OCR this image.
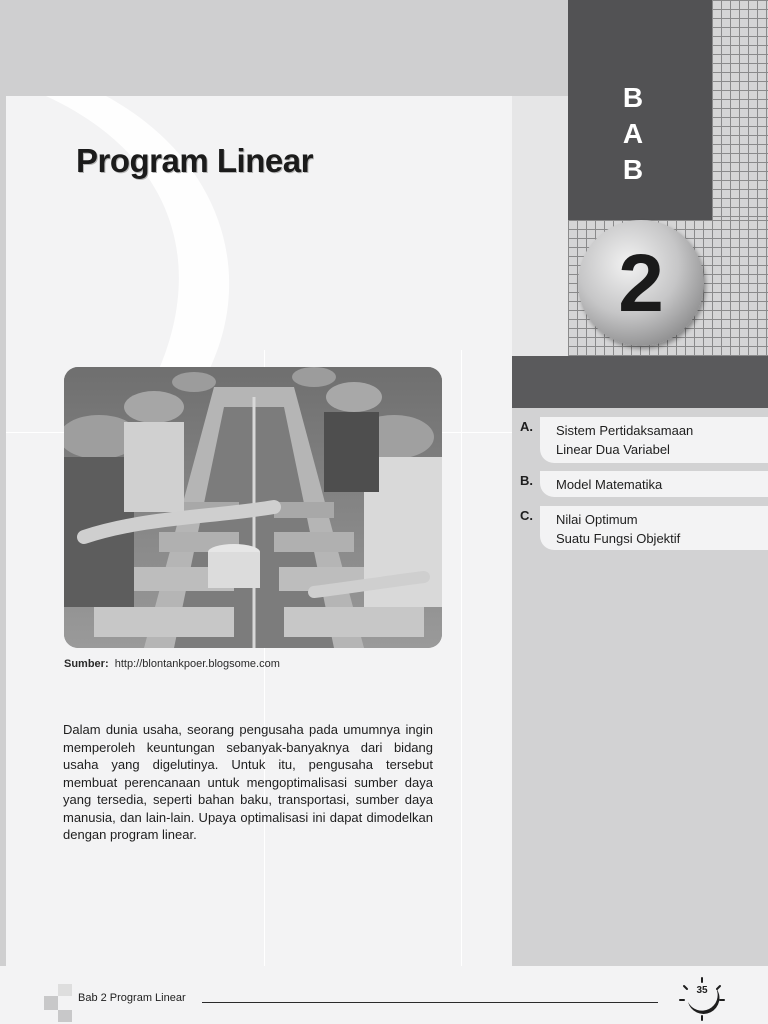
Program Linear
B
A
B
2
A. Sistem Pertidaksamaan
Linear Dua Variabel
B. Model Matematika
C. Nilai Optimum
Suatu Fungsi Objektif
Sumber: http://blontankpoer.blogsome.com

Dalam dunia usaha, seorang pengusaha pada umumnya ingin memperoleh keuntungan sebanyak-banyaknya dari bidang usaha yang digelutinya. Untuk itu, pengusaha tersebut membuat perencanaan untuk mengoptimalisasi sumber daya yang tersedia, seperti bahan baku, transportasi, sumber daya manusia, dan lain-lain. Upaya optimalisasi ini dapat dimodelkan dengan program linear.

Bab 2 Program Linear
35
